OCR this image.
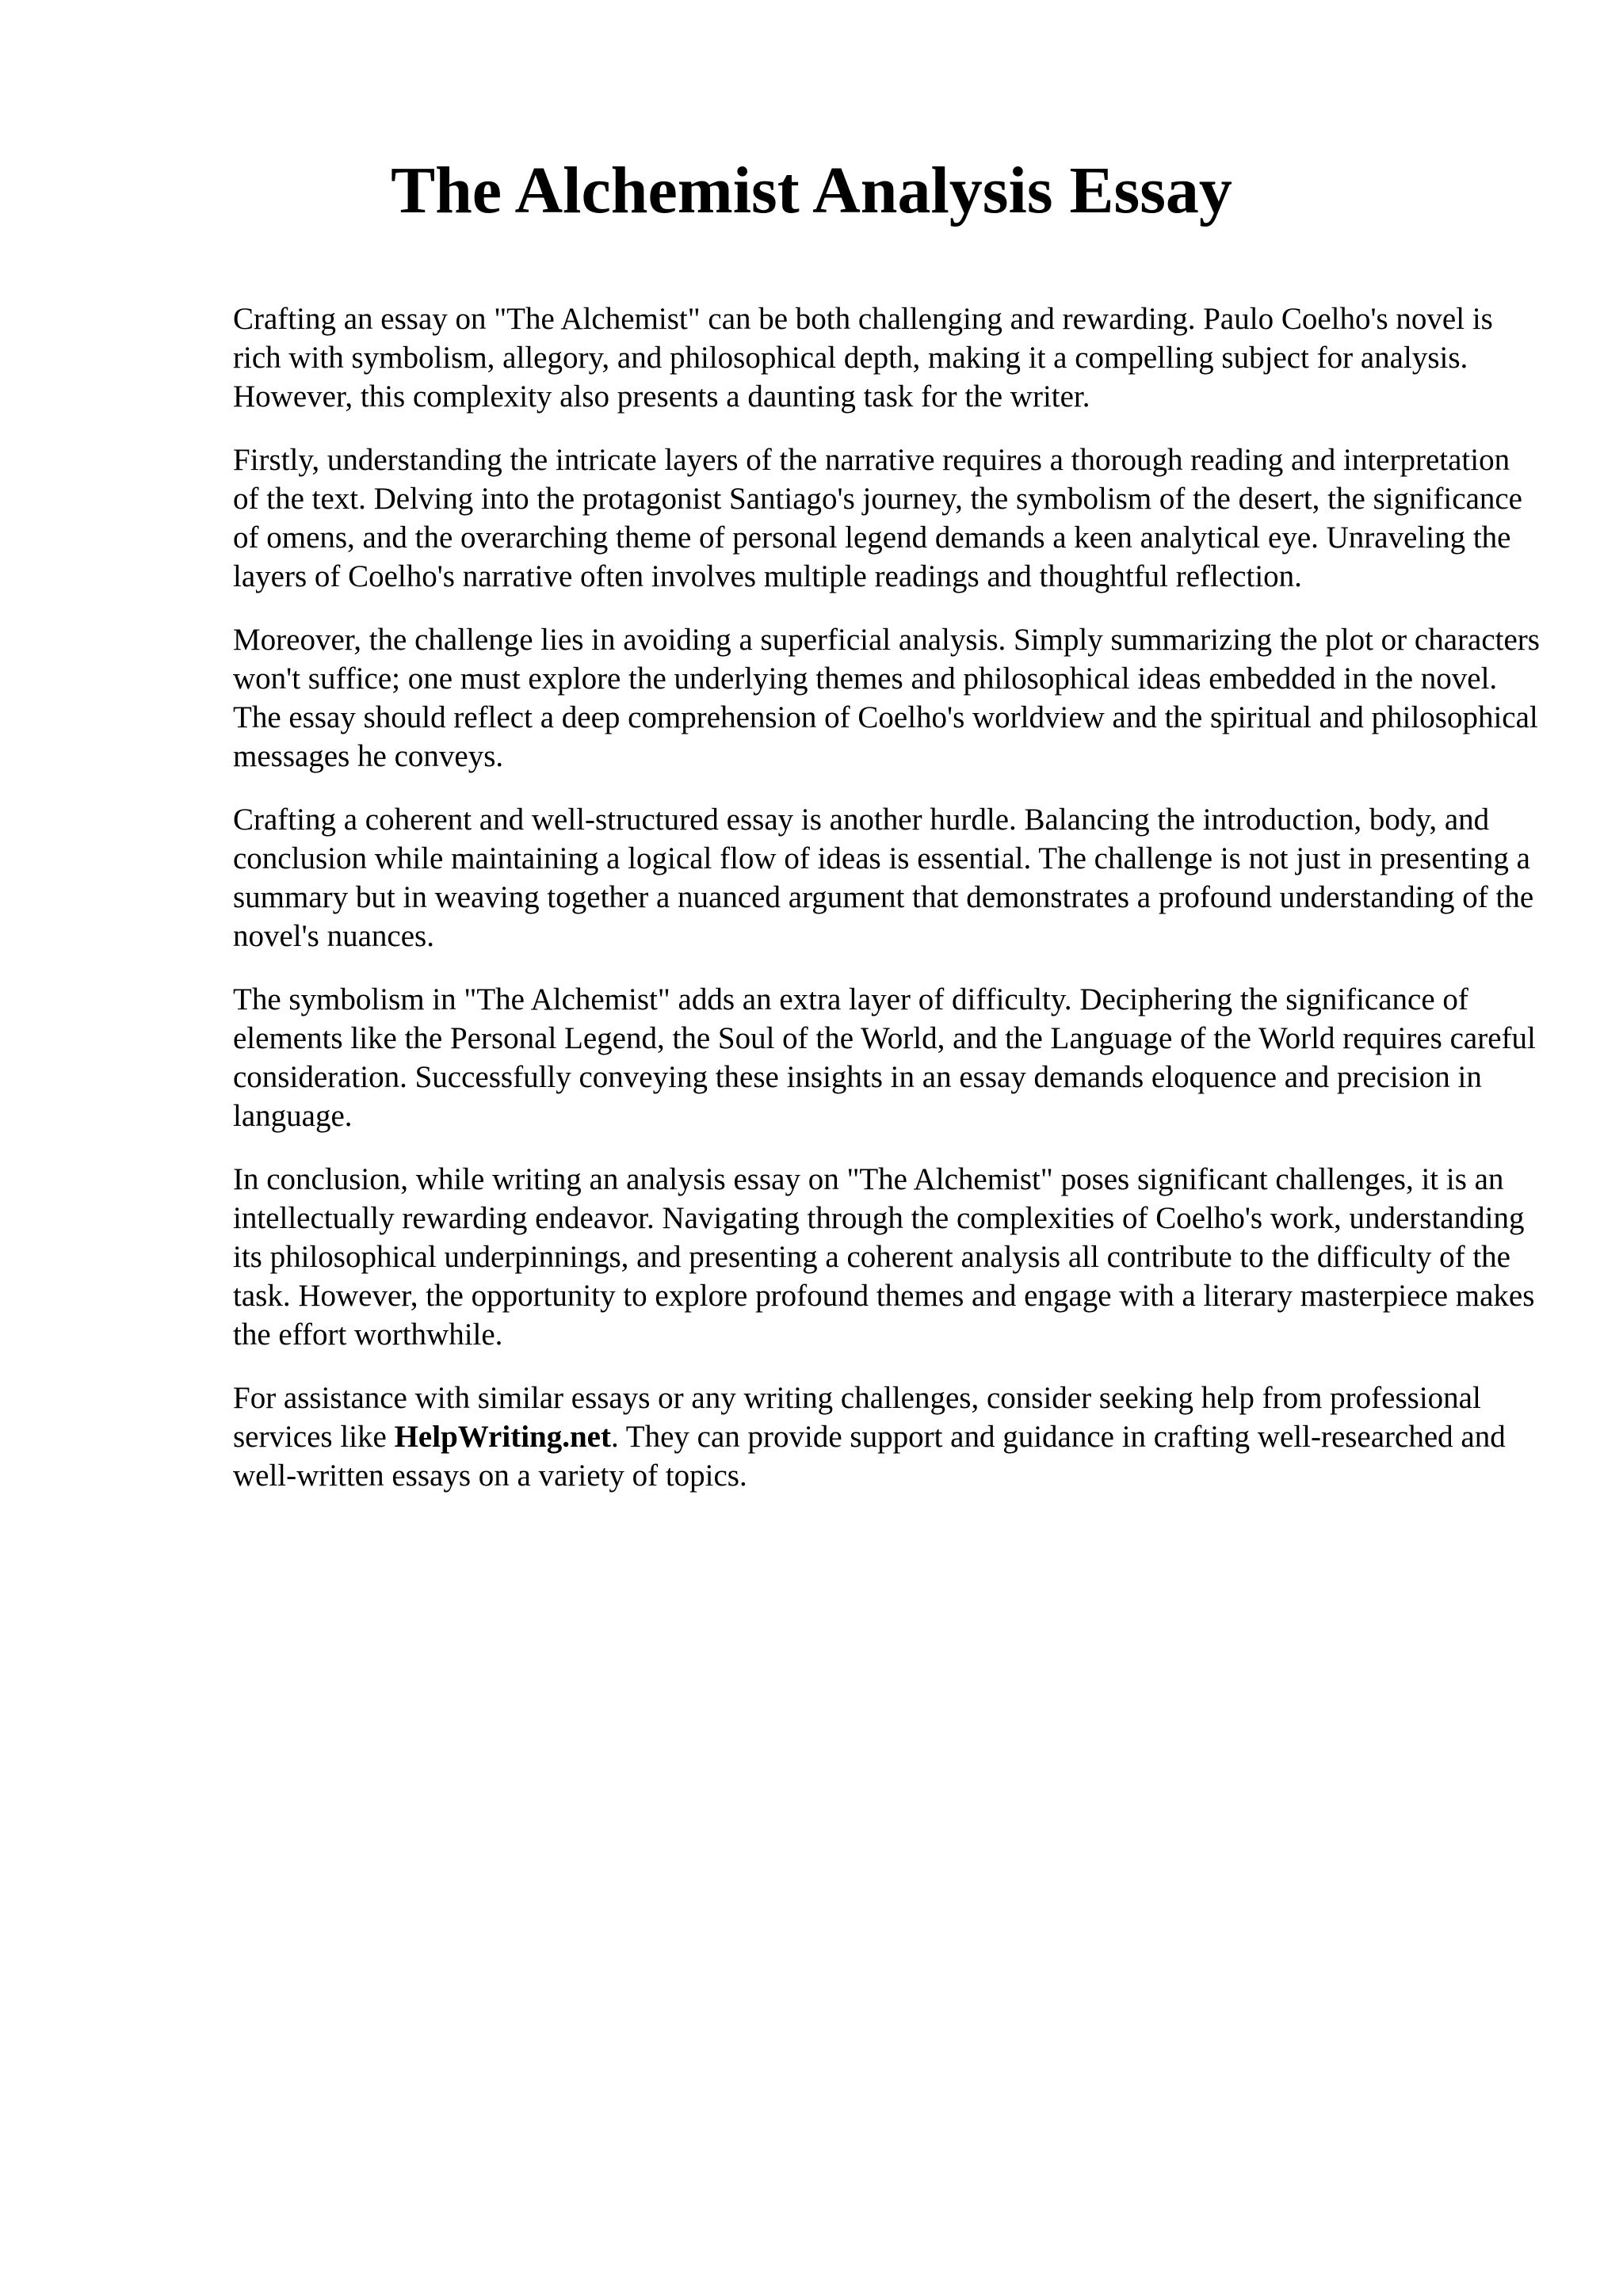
The Alchemist Analysis Essay

Crafting an essay on "The Alchemist" can be both challenging and rewarding. Paulo Coelho's novel is rich with symbolism, allegory, and philosophical depth, making it a compelling subject for analysis. However, this complexity also presents a daunting task for the writer.

Firstly, understanding the intricate layers of the narrative requires a thorough reading and interpretation of the text. Delving into the protagonist Santiago's journey, the symbolism of the desert, the significance of omens, and the overarching theme of personal legend demands a keen analytical eye. Unraveling the layers of Coelho's narrative often involves multiple readings and thoughtful reflection.

Moreover, the challenge lies in avoiding a superficial analysis. Simply summarizing the plot or characters won't suffice; one must explore the underlying themes and philosophical ideas embedded in the novel. The essay should reflect a deep comprehension of Coelho's worldview and the spiritual and philosophical messages he conveys.

Crafting a coherent and well-structured essay is another hurdle. Balancing the introduction, body, and conclusion while maintaining a logical flow of ideas is essential. The challenge is not just in presenting a summary but in weaving together a nuanced argument that demonstrates a profound understanding of the novel's nuances.

The symbolism in "The Alchemist" adds an extra layer of difficulty. Deciphering the significance of elements like the Personal Legend, the Soul of the World, and the Language of the World requires careful consideration. Successfully conveying these insights in an essay demands eloquence and precision in language.

In conclusion, while writing an analysis essay on "The Alchemist" poses significant challenges, it is an intellectually rewarding endeavor. Navigating through the complexities of Coelho's work, understanding its philosophical underpinnings, and presenting a coherent analysis all contribute to the difficulty of the task. However, the opportunity to explore profound themes and engage with a literary masterpiece makes the effort worthwhile.

For assistance with similar essays or any writing challenges, consider seeking help from professional services like HelpWriting.net. They can provide support and guidance in crafting well-researched and well-written essays on a variety of topics.
